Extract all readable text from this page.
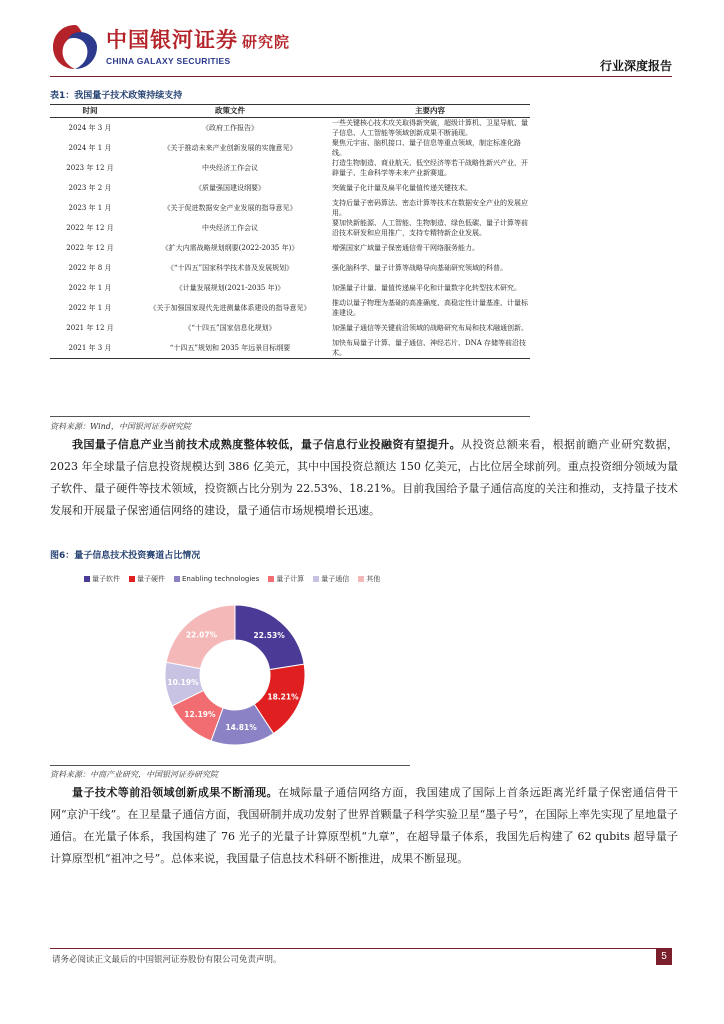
中国银河证券 研究院
CHINA GALAXY SECURITIES	行业深度报告
表1：我国量子技术政策持续支持
时间	政策文件	主要内容
2024 年 3 月	《政府工作报告》	一些关键核心技术攻关取得新突破，超级计算机、卫星导航、量子信息、人工智能等领域创新成果不断涌现。
2024 年 1 月	《关于推动未来产业创新发展的实施意见》	聚焦元宇宙、脑机接口、量子信息等重点领域，制定标准化路线。
2023 年 12 月	中央经济工作会议	打造生物制造、商业航天、低空经济等若干战略性新兴产业，开辟量子、生命科学等未来产业新赛道。
2023 年 2 月	《质量强国建设纲要》	突破量子化计量及扁平化量值传递关键技术。
2023 年 1 月	《关于促进数据安全产业发展的指导意见》	支持后量子密码算法、密态计算等技术在数据安全产业的发展应用。
2022 年 12 月	中央经济工作会议	要加快新能源、人工智能、生物制造、绿色低碳、量子计算等前沿技术研发和应用推广，支持专精特新企业发展。
2022 年 12 月	《扩大内需战略规划纲要(2022-2035 年)》	增强国家广域量子保密通信骨干网络服务能力。
2022 年 8 月	《“十四五”国家科学技术普及发展规划》	强化脑科学、量子计算等战略导向基础研究领域的科普。
2022 年 1 月	《计量发展规划(2021-2035 年)》	加强量子计量、量值传递扁平化和计量数字化转型技术研究。
2022 年 1 月	《关于加强国家现代先进测量体系建设的指导意见》	推动以量子物理为基础的高准确度、高稳定性计量基准、计量标准建设。
2021 年 12 月	《“十四五”国家信息化规划》	加强量子通信等关键前沿领域的战略研究布局和技术融通创新。
2021 年 3 月	“十四五”规划和 2035 年远景目标纲要	加快布局量子计算、量子通信、神经芯片、DNA 存储等前沿技术。
资料来源：Wind，中国银河证券研究院
我国量子信息产业当前技术成熟度整体较低，量子信息行业投融资有望提升。从投资总额来看，根据前瞻产业研究数据，2023 年全球量子信息投资规模达到 386 亿美元，其中中国投资总额达 150 亿美元，占比位居全球前列。重点投资细分领域为量子软件、量子硬件等技术领域，投资额占比分别为 22.53%、18.21%。目前我国给予量子通信高度的关注和推动，支持量子技术发展和开展量子保密通信网络的建设，量子通信市场规模增长迅速。
图6：量子信息技术投资赛道占比情况
量子软件 量子硬件 Enabling technologies 量子计算 量子通信 其他
22.53%
18.21%
14.81%
12.19%
10.19%
22.07%
资料来源：中商产业研究，中国银河证券研究院
量子技术等前沿领域创新成果不断涌现。在城际量子通信网络方面，我国建成了国际上首条远距离光纤量子保密通信骨干网“京沪干线”。在卫星量子通信方面，我国研制并成功发射了世界首颗量子科学实验卫星“墨子号”，在国际上率先实现了星地量子通信。在光量子体系，我国构建了 76 光子的光量子计算原型机“九章”，在超导量子体系，我国先后构建了 62 qubits 超导量子计算原型机“祖冲之号”。总体来说，我国量子信息技术科研不断推进，成果不断显现。
请务必阅读正文最后的中国银河证券股份有限公司免责声明。	5
